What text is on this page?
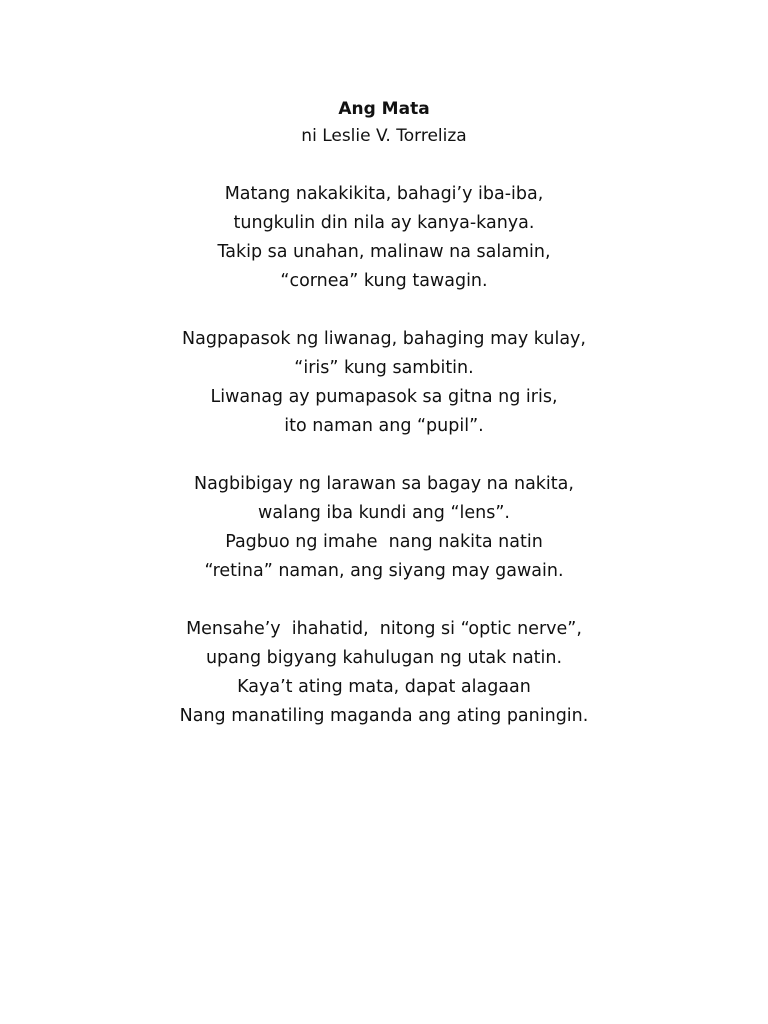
Ang Mata

ni Leslie V. Torreliza

Matang nakakikita, bahagi’y iba-iba,
tungkulin din nila ay kanya-kanya.
Takip sa unahan, malinaw na salamin,
“cornea” kung tawagin.
Nagpapasok ng liwanag, bahaging may kulay,
“iris” kung sambitin.
Liwanag ay pumapasok sa gitna ng iris,
ito naman ang “pupil”.
Nagbibigay ng larawan sa bagay na nakita,
walang iba kundi ang “lens”.
Pagbuo ng imahe  nang nakita natin
“retina” naman, ang siyang may gawain.
Mensahe’y  ihahatid,  nitong si “optic nerve”,
upang bigyang kahulugan ng utak natin.
Kaya’t ating mata, dapat alagaan
Nang manatiling maganda ang ating paningin.
